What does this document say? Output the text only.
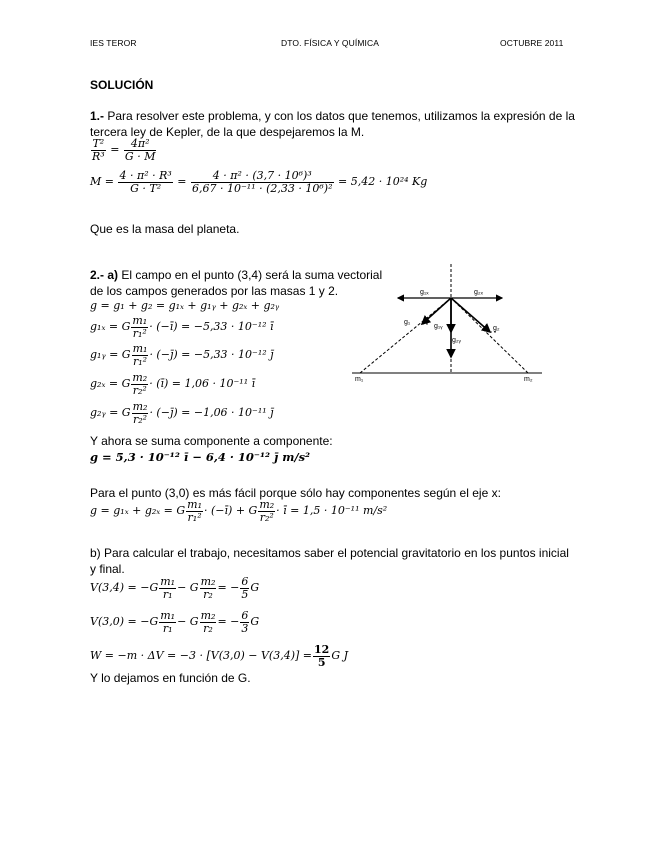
IES TEROR	DTO. FÍSICA Y QUÍMICA	OCTUBRE 2011
SOLUCIÓN
1.- Para resolver este problema, y con los datos que tenemos, utilizamos la expresión de la
tercera ley de Kepler, de la que despejaremos la M.
$\frac{\text{T²}}{\text{R³}} = \frac{\text{4π²}}{G \cdot M}$
$M = \frac{\text{4 · π² · R³}}{\text{G · T²}} = \frac{\text{4 · π² · (3,7 · 10⁶)³}}{\text{6,67 · 10⁻¹¹ · (2,33 · 10⁶)²}} = 5,42 \cdot 10^{24}$ Kg
Que es la masa del planeta.
2.- a) El campo en el punto (3,4) será la suma vectorial
de los campos generados por las masas 1 y 2.
g = g₁ + g₂ = g₁ₓ + g₁ᵧ + g₂ₓ + g₂ᵧ
g₁ₓ = G $\frac{\text{m₁}}{\text{r₁²}}$ · (−ī) = −5,33 · 10⁻¹² ī
g₁ᵧ = G $\frac{\text{m₁}}{\text{r₁²}}$ · (−j̄) = −5,33 · 10⁻¹² j̄
g₂ₓ = G $\frac{\text{m₂}}{\text{r₂²}}$ · (ī) = 1,06 · 10⁻¹¹ ī
g₂ᵧ = G $\frac{\text{m₂}}{\text{r₂²}}$ · (−j̄) = −1,06 · 10⁻¹¹ j̄
Y ahora se suma componente a componente:
g = 5,3 · 10⁻¹² ī − 6,4 · 10⁻¹² j̄ m/s²
Para el punto (3,0) es más fácil porque sólo hay componentes según el eje x:
g = g₁ₓ + g₂ₓ = G $\frac{\text{m₁}}{\text{r₁²}}$ · (−ī) + G $\frac{\text{m₂}}{\text{r₂²}}$ · ī = 1,5 · 10⁻¹¹ m/s²
b) Para calcular el trabajo, necesitamos saber el potencial gravitatorio en los puntos inicial
y final.
$V(3,4) = -G \frac{\text{m₁}}{\text{r₁}} - G \frac{\text{m₂}}{\text{r₂}}$ = − $\frac{6}{5}$ G
$V(3,0) = -G \frac{\text{m₁}}{\text{r₁}} - G \frac{\text{m₂}}{\text{r₂}}$ = − $\frac{6}{3}$ G
$W = -m \cdot \Delta V = -3 \cdot [V(3,0) - V(3,4)] = \frac{12}{5}$ G J
Y lo dejamos en función de G.
g₁ₓ	g₂ₓ
g₁
g₁ᵧ	g₂
g₂ᵧ
m₁	m₂
